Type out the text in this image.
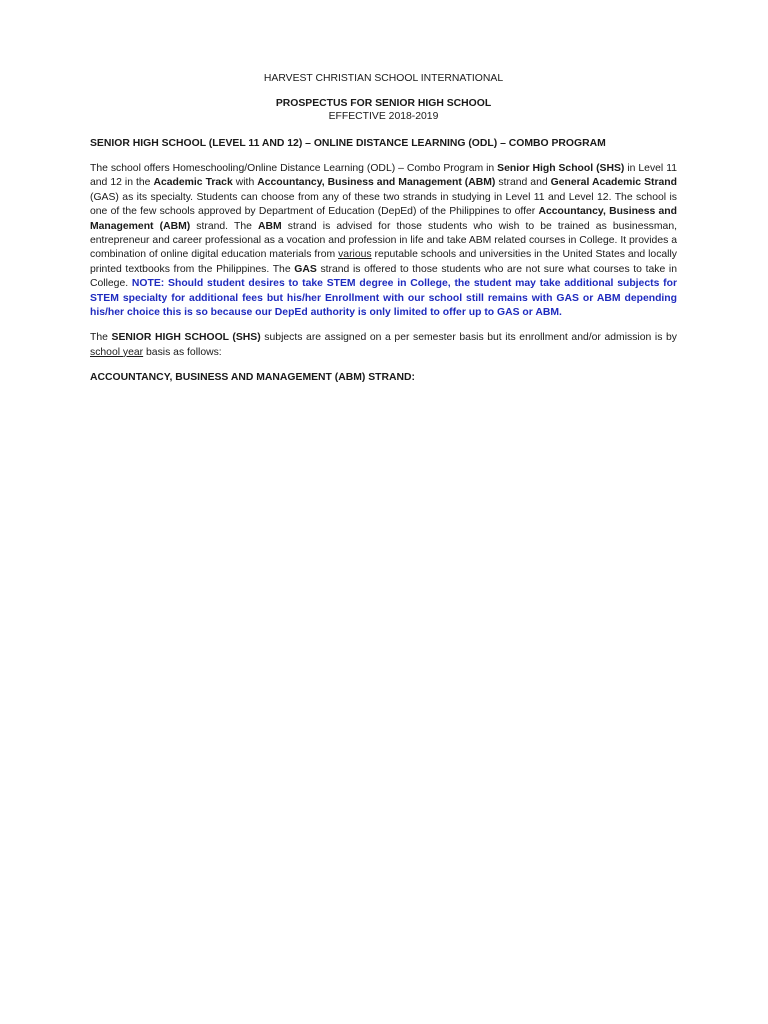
HARVEST CHRISTIAN SCHOOL INTERNATIONAL
PROSPECTUS FOR SENIOR HIGH SCHOOL
EFFECTIVE 2018-2019
SENIOR HIGH SCHOOL (LEVEL 11 AND 12) – ONLINE DISTANCE LEARNING (ODL) – COMBO PROGRAM
The school offers Homeschooling/Online Distance Learning (ODL) – Combo Program in Senior High School (SHS) in Level 11 and 12 in the Academic Track with Accountancy, Business and Management (ABM) strand and General Academic Strand (GAS) as its specialty. Students can choose from any of these two strands in studying in Level 11 and Level 12. The school is one of the few schools approved by Department of Education (DepEd) of the Philippines to offer Accountancy, Business and Management (ABM) strand. The ABM strand is advised for those students who wish to be trained as businessman, entrepreneur and career professional as a vocation and profession in life and take ABM related courses in College. It provides a combination of online digital education materials from various reputable schools and universities in the United States and locally printed textbooks from the Philippines. The GAS strand is offered to those students who are not sure what courses to take in College. NOTE: Should student desires to take STEM degree in College, the student may take additional subjects for STEM specialty for additional fees but his/her Enrollment with our school still remains with GAS or ABM depending his/her choice this is so because our DepEd authority is only limited to offer up to GAS or ABM.
The SENIOR HIGH SCHOOL (SHS) subjects are assigned on a per semester basis but its enrollment and/or admission is by school year basis as follows:
ACCOUNTANCY, BUSINESS AND MANAGEMENT (ABM) STRAND:
